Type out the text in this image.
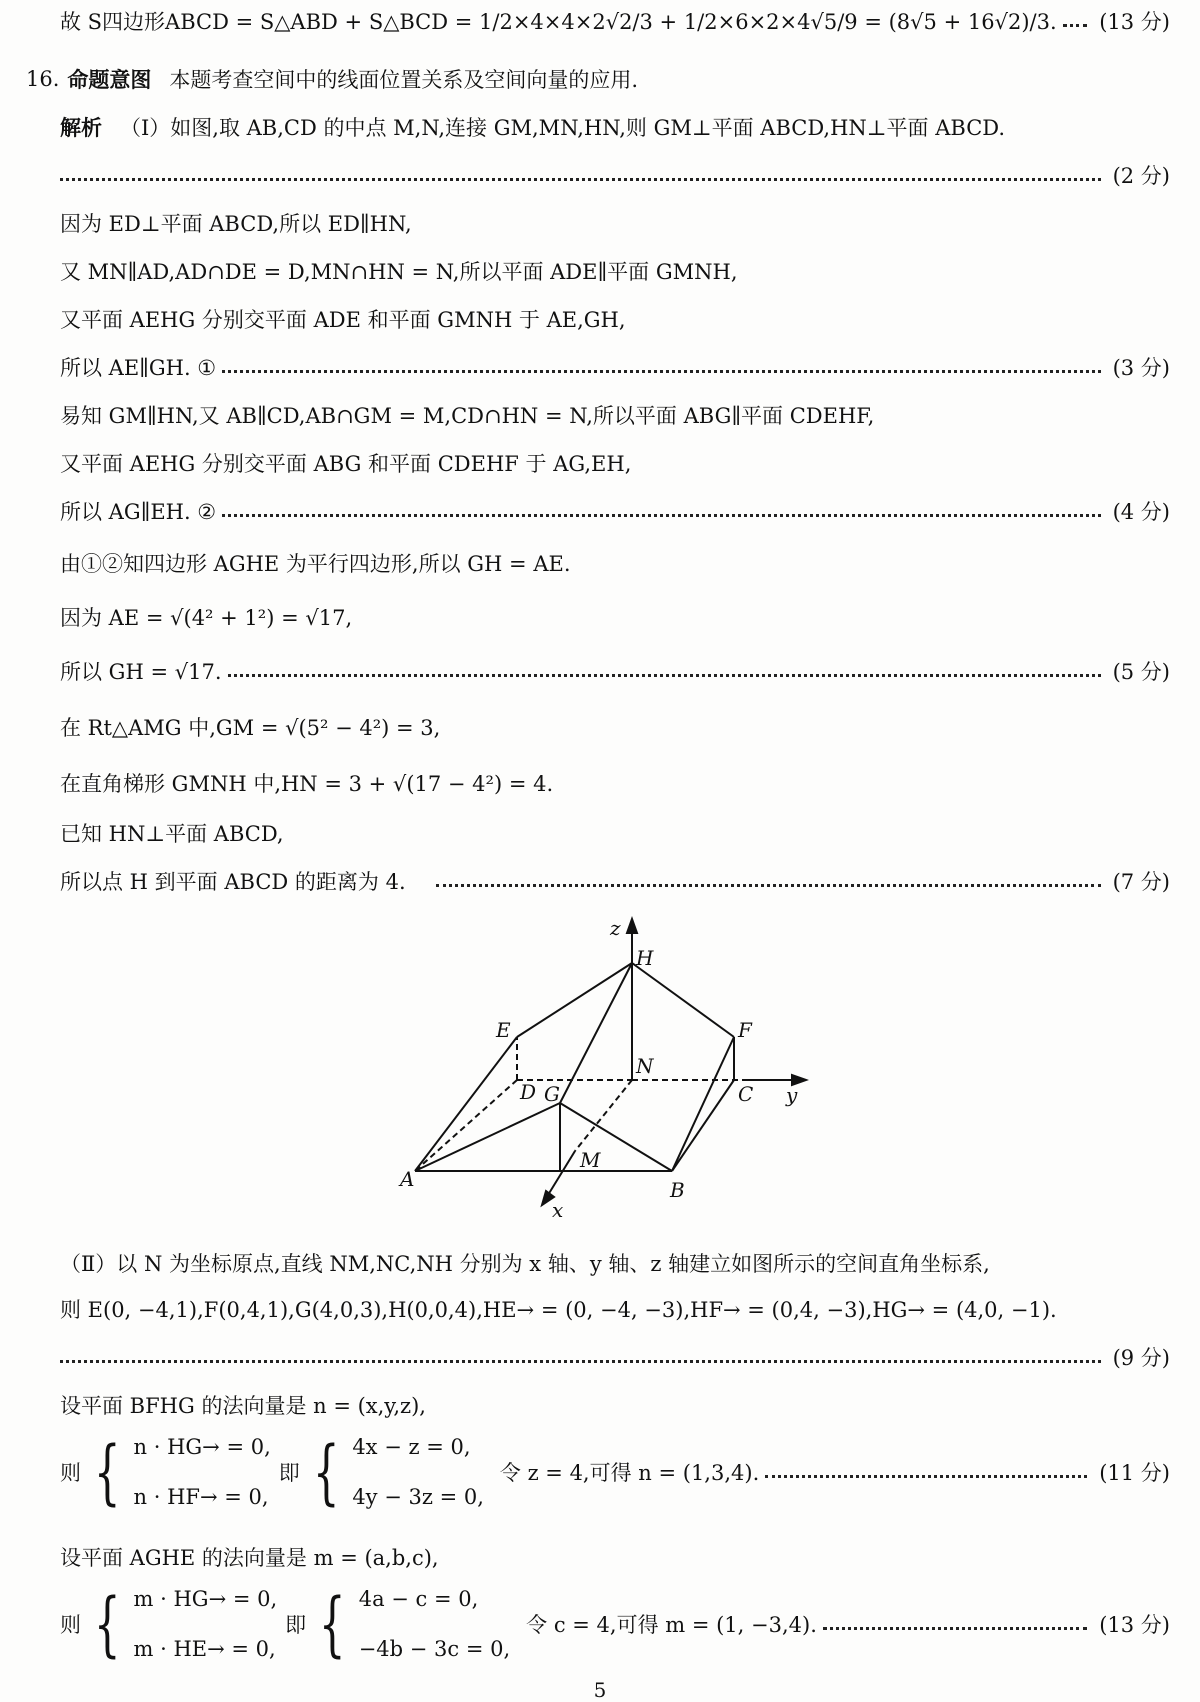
故 S四边形ABCD = S△ABD + S△BCD = 1/2×4×4×2√2/3 + 1/2×6×2×4√5/9 = (8√5 + 16√2)/3. (13 分)
16. 命题意图 本题考查空间中的线面位置关系及空间向量的应用.
解析 （Ⅰ）如图,取 AB,CD 的中点 M,N,连接 GM,MN,HN,则 GM⊥平面 ABCD,HN⊥平面 ABCD.
(2 分)
因为 ED⊥平面 ABCD,所以 ED∥HN,
又 MN∥AD,AD∩DE = D,MN∩HN = N,所以平面 ADE∥平面 GMNH,
又平面 AEHG 分别交平面 ADE 和平面 GMNH 于 AE,GH,
所以 AE∥GH. ①	(3 分)
易知 GM∥HN,又 AB∥CD,AB∩GM = M,CD∩HN = N,所以平面 ABG∥平面 CDEHF,
又平面 AEHG 分别交平面 ABG 和平面 CDEHF 于 AG,EH,
所以 AG∥EH. ②	(4 分)
由①②知四边形 AGHE 为平行四边形,所以 GH = AE.
因为 AE = √(4² + 1²) = √17,
所以 GH = √17.	(5 分)
在 Rt△AMG 中,GM = √(5² − 4²) = 3,
在直角梯形 GMNH 中,HN = 3 + √(17 − 4²) = 4.
已知 HN⊥平面 ABCD,
所以点 H 到平面 ABCD 的距离为 4.	(7 分)
z
H
E	F
N
D G	C y
M
A	B
x
（Ⅱ）以 N 为坐标原点,直线 NM,NC,NH 分别为 x 轴、y 轴、z 轴建立如图所示的空间直角坐标系,
则 E(0, −4,1),F(0,4,1),G(4,0,3),H(0,0,4),HE→ = (0, −4, −3),HF→ = (0,4, −3),HG→ = (4,0, −1).
(9 分)
设平面 BFHG 的法向量是 n = (x,y,z),
则 { n · HG→ = 0,
n · HF→ = 0,
即 { 4x − z = 0,
4y − 3z = 0,
令 z = 4,可得 n = (1,3,4).	(11 分)
设平面 AGHE 的法向量是 m = (a,b,c),
则 { m · HG→ = 0,
m · HE→ = 0,
即 { 4a − c = 0,
−4b − 3c = 0,
令 c = 4,可得 m = (1, −3,4).	(13 分)
5
